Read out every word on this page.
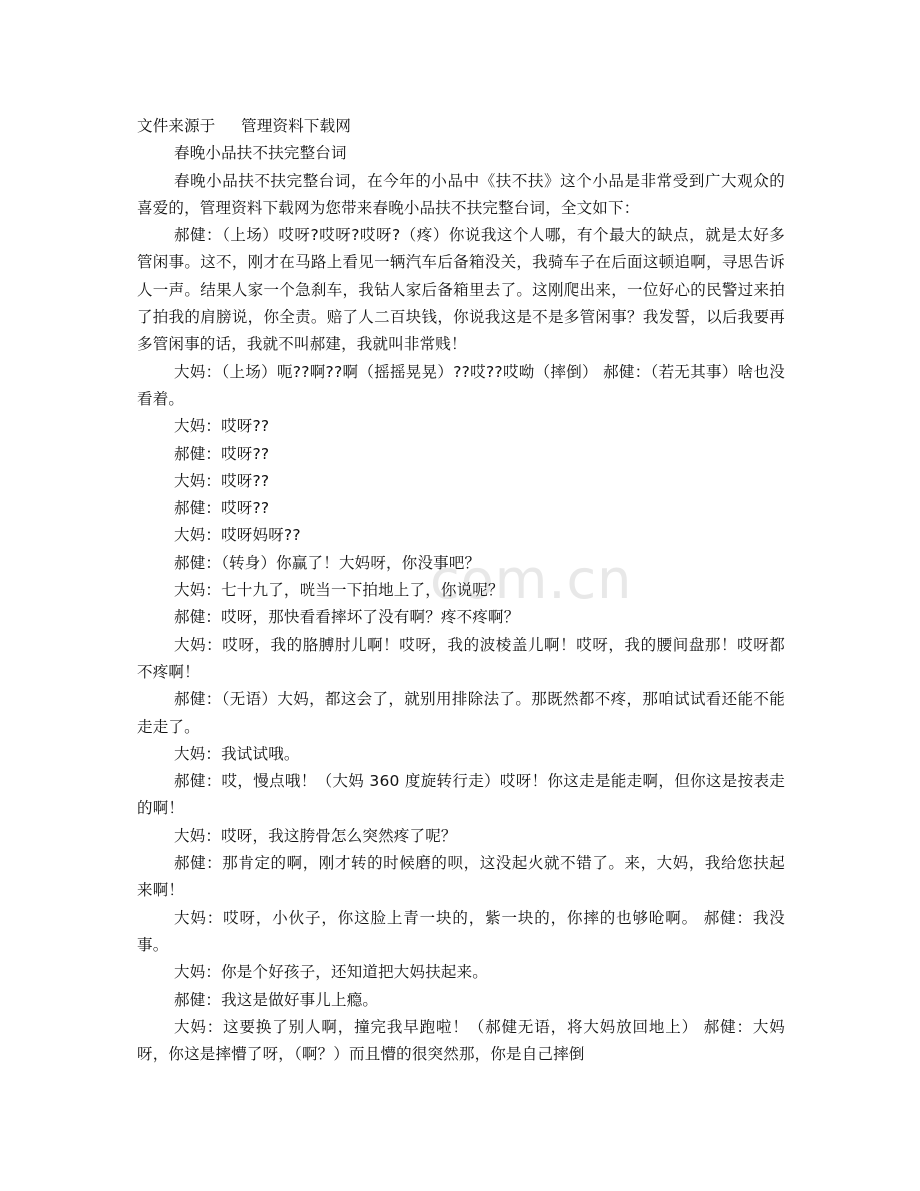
com.cn

文件来源于     管理资料下载网

春晚小品扶不扶完整台词

春晚小品扶不扶完整台词，在今年的小品中《扶不扶》这个小品是非常受到广大观众的喜爱的，管理资料下载网为您带来春晚小品扶不扶完整台词，全文如下：

郝健：（上场）哎呀?哎呀?哎呀?（疼）你说我这个人哪，有个最大的缺点，就是太好多管闲事。这不，刚才在马路上看见一辆汽车后备箱没关，我骑车子在后面这顿追啊，寻思告诉人一声。结果人家一个急刹车，我钻人家后备箱里去了。这刚爬出来，一位好心的民警过来拍了拍我的肩膀说，你全责。赔了人二百块钱，你说我这是不是多管闲事？我发誓，以后我要再多管闲事的话，我就不叫郝建，我就叫非常贱！

大妈：（上场）呃??啊??啊（摇摇晃晃）??哎??哎呦（摔倒） 郝健：（若无其事）啥也没看着。

大妈：哎呀??

郝健：哎呀??

大妈：哎呀??

郝健：哎呀??

大妈：哎呀妈呀??

郝健：（转身）你赢了！大妈呀，你没事吧？

大妈：七十九了，咣当一下拍地上了，你说呢？

郝健：哎呀，那快看看摔坏了没有啊？疼不疼啊？

大妈：哎呀，我的胳膊肘儿啊！哎呀，我的波棱盖儿啊！哎呀，我的腰间盘那！哎呀都不疼啊！

郝健：（无语）大妈，都这会了，就别用排除法了。那既然都不疼，那咱试试看还能不能走走了。

大妈：我试试哦。

郝健：哎，慢点哦！（大妈 360 度旋转行走）哎呀！你这走是能走啊，但你这是按表走的啊！

大妈：哎呀，我这胯骨怎么突然疼了呢？

郝健：那肯定的啊，刚才转的时候磨的呗，这没起火就不错了。来，大妈，我给您扶起来啊！

大妈：哎呀，小伙子，你这脸上青一块的，紫一块的，你摔的也够呛啊。 郝健：我没事。

大妈：你是个好孩子，还知道把大妈扶起来。

郝健：我这是做好事儿上瘾。

大妈：这要换了别人啊，撞完我早跑啦！（郝健无语，将大妈放回地上） 郝健：大妈呀，你这是摔懵了呀，（啊？）而且懵的很突然那，你是自己摔倒
